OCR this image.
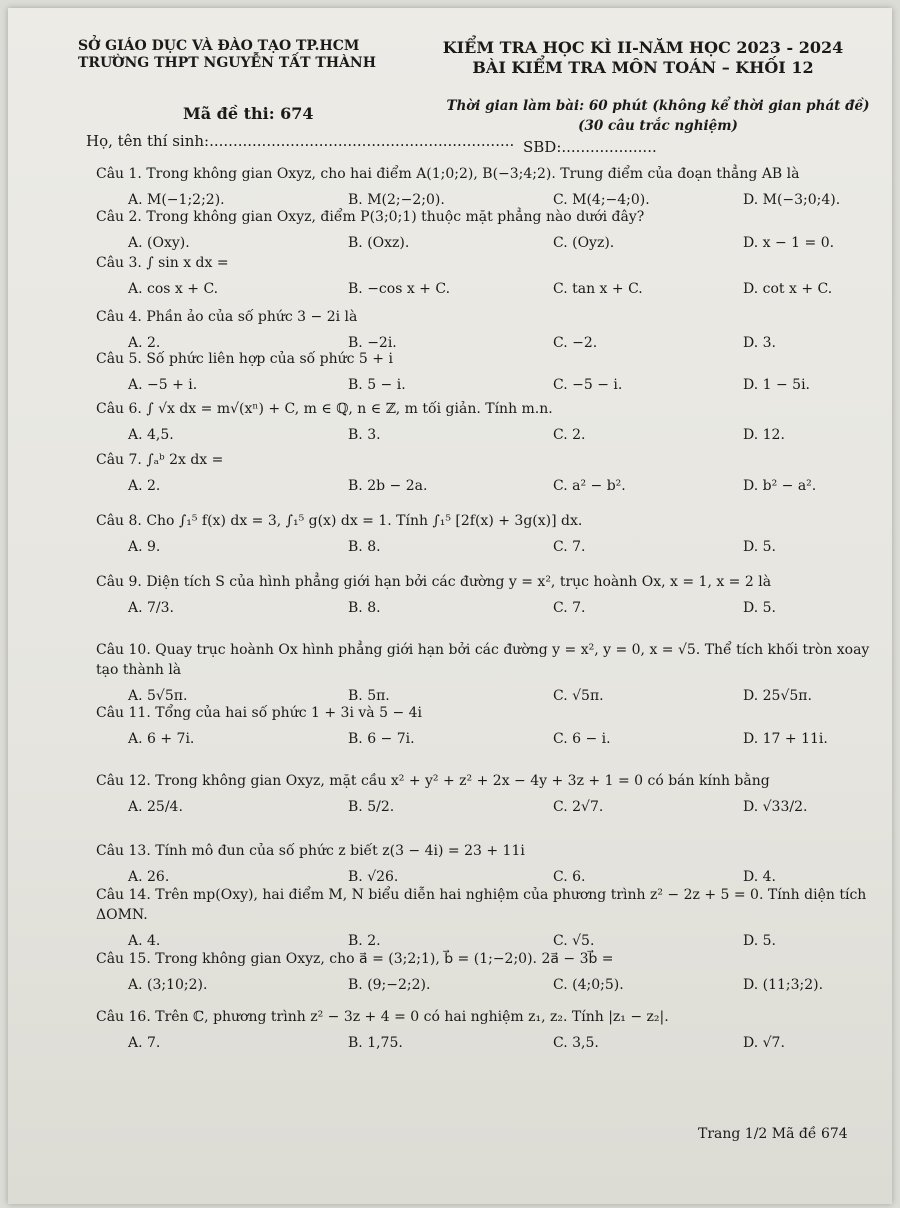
SỞ GIÁO DỤC VÀ ĐÀO TẠO TP.HCM
TRƯỜNG THPT NGUYỄN TẤT THÀNH
KIỂM TRA HỌC KÌ II-NĂM HỌC 2023 - 2024
BÀI KIỂM TRA MÔN TOÁN – KHỐI 12
Mã đề thi: 674	Thời gian làm bài: 60 phút (không kể thời gian phát đề)
(30 câu trắc nghiệm)
Họ, tên thí sinh:................................................................ SBD:....................
Câu 1. Trong không gian Oxyz, cho hai điểm A(1;0;2), B(−3;4;2). Trung điểm của đoạn thẳng AB là
A. M(−1;2;2).	B. M(2;−2;0).	C. M(4;−4;0).	D. M(−3;0;4).
Câu 2. Trong không gian Oxyz, điểm P(3;0;1) thuộc mặt phẳng nào dưới đây?
A. (Oxy).	B. (Oxz).	C. (Oyz).	D. x − 1 = 0.
Câu 3. ∫ sin x dx =
A. cos x + C.	B. −cos x + C.	C. tan x + C.	D. cot x + C.
Câu 4. Phần ảo của số phức 3 − 2i là
A. 2.	B. −2i.	C. −2.	D. 3.
Câu 5. Số phức liên hợp của số phức 5 + i
A. −5 + i.	B. 5 − i.	C. −5 − i.	D. 1 − 5i.
Câu 6. ∫ √x dx = m√(xⁿ) + C, m ∈ ℚ, n ∈ ℤ, m tối giản. Tính m.n.
A. 4,5.	B. 3.	C. 2.	D. 12.
Câu 7. ∫ₐᵇ 2x dx =
A. 2.	B. 2b − 2a.	C. a² − b².	D. b² − a².
Câu 8. Cho ∫₁⁵ f(x) dx = 3, ∫₁⁵ g(x) dx = 1. Tính ∫₁⁵ [2f(x) + 3g(x)] dx.
A. 9.	B. 8.	C. 7.	D. 5.
Câu 9. Diện tích S của hình phẳng giới hạn bởi các đường y = x², trục hoành Ox, x = 1, x = 2 là
A. 7/3.	B. 8.	C. 7.	D. 5.
Câu 10. Quay trục hoành Ox hình phẳng giới hạn bởi các đường y = x², y = 0, x = √5. Thể tích khối tròn xoay
tạo thành là
A. 5√5π.	B. 5π.	C. √5π.	D. 25√5π.
Câu 11. Tổng của hai số phức 1 + 3i và 5 − 4i
A. 6 + 7i.	B. 6 − 7i.	C. 6 − i.	D. 17 + 11i.
Câu 12. Trong không gian Oxyz, mặt cầu x² + y² + z² + 2x − 4y + 3z + 1 = 0 có bán kính bằng
A. 25/4.	B. 5/2.	C. 2√7.	D. √33/2.
Câu 13. Tính mô đun của số phức z biết z(3 − 4i) = 23 + 11i
A. 26.	B. √26.	C. 6.	D. 4.
Câu 14. Trên mp(Oxy), hai điểm M, N biểu diễn hai nghiệm của phương trình z² − 2z + 5 = 0. Tính diện tích
ΔOMN.
A. 4.	B. 2.	C. √5.	D. 5.
Câu 15. Trong không gian Oxyz, cho a⃗ = (3;2;1), b⃗ = (1;−2;0). 2a⃗ − 3b⃗ =
A. (3;10;2).	B. (9;−2;2).	C. (4;0;5).	D. (11;3;2).
Câu 16. Trên ℂ, phương trình z² − 3z + 4 = 0 có hai nghiệm z₁, z₂. Tính |z₁ − z₂|.
A. 7.	B. 1,75.	C. 3,5.	D. √7.
Trang 1/2 Mã đề 674
